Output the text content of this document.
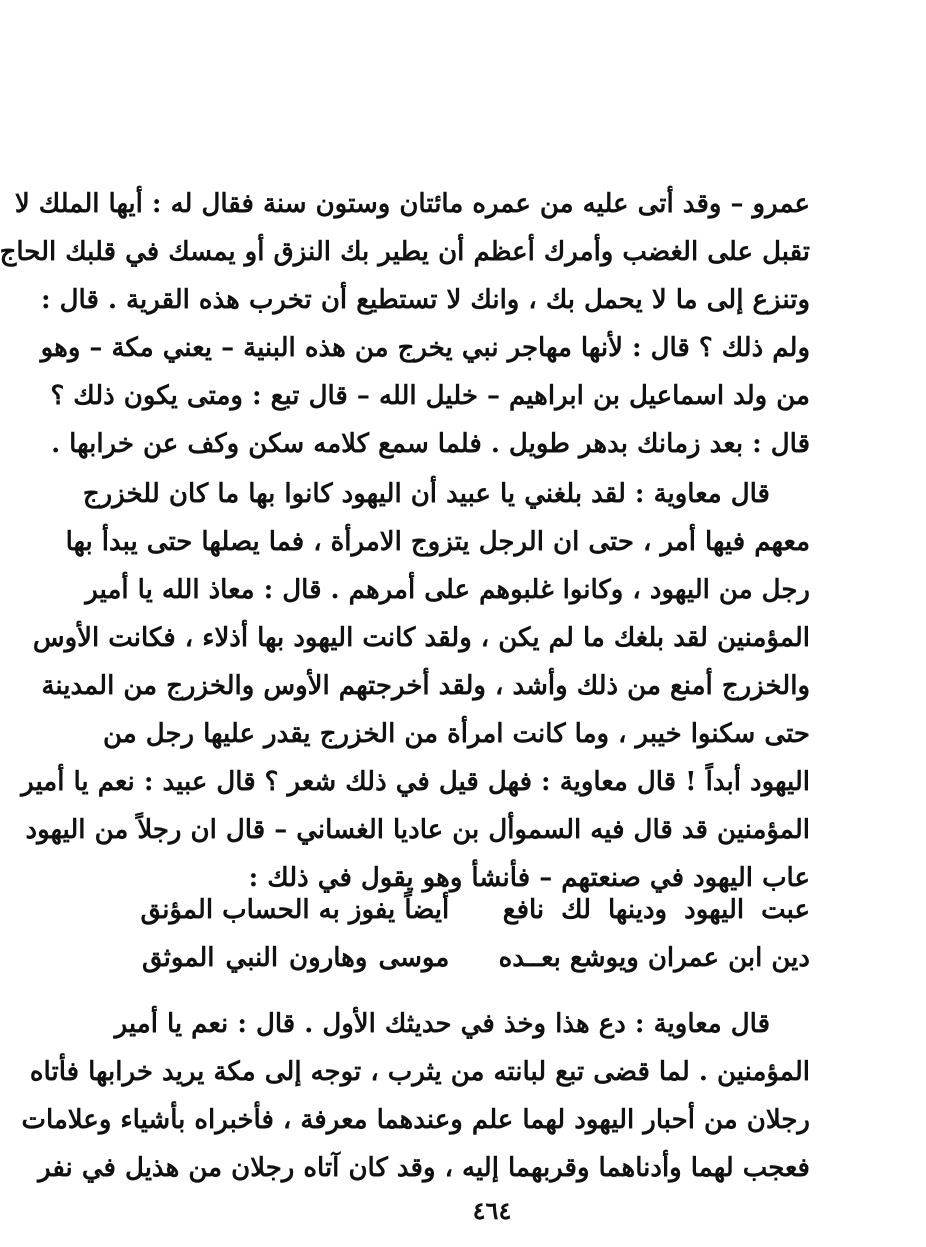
عمرو – وقد أتى عليه من عمره مائتان وستون سنة فقال له : أيها الملك لا
تقبل على الغضب وأمرك أعظم أن يطير بك النزق أو يمسك في قلبك الحاج
وتنزع إلى ما لا يحمل بك ، وانك لا تستطيع أن تخرب هذه القرية . قال :
ولم ذلك ؟ قال : لأنها مهاجر نبي يخرج من هذه البنية – يعني مكة – وهو
من ولد اسماعيل بن ابراهيم – خليل الله – قال تبع : ومتى يكون ذلك ؟
قال : بعد زمانك بدهر طويل . فلما سمع كلامه سكن وكف عن خرابها .
قال معاوية : لقد بلغني يا عبيد أن اليهود كانوا بها ما كان للخزرج
معهم فيها أمر ، حتى ان الرجل يتزوج الامرأة ، فما يصلها حتى يبدأ بها
رجل من اليهود ، وكانوا غلبوهم على أمرهم . قال : معاذ الله يا أمير
المؤمنين لقد بلغك ما لم يكن ، ولقد كانت اليهود بها أذلاء ، فكانت الأوس
والخزرج أمنع من ذلك وأشد ، ولقد أخرجتهم الأوس والخزرج من المدينة
حتى سكنوا خيبر ، وما كانت امرأة من الخزرج يقدر عليها رجل من
اليهود أبداً ! قال معاوية : فهل قيل في ذلك شعر ؟ قال عبيد : نعم يا أمير
المؤمنين قد قال فيه السموأل بن عاديا الغساني – قال ان رجلاً من اليهود
عاب اليهود في صنعتهم – فأنشأ وهو يقول في ذلك :
عبت اليهود ودينها لك نافع
أيضاً يفوز به الحساب المؤنق
دين ابن عمران ويوشع بعــده
موسى وهارون النبي الموثق
قال معاوية : دع هذا وخذ في حديثك الأول . قال : نعم يا أمير
المؤمنين . لما قضى تبع لبانته من يثرب ، توجه إلى مكة يريد خرابها فأتاه
رجلان من أحبار اليهود لهما علم وعندهما معرفة ، فأخبراه بأشياء وعلامات
فعجب لهما وأدناهما وقربهما إليه ، وقد كان آتاه رجلان من هذيل في نفر
٤٦٤
